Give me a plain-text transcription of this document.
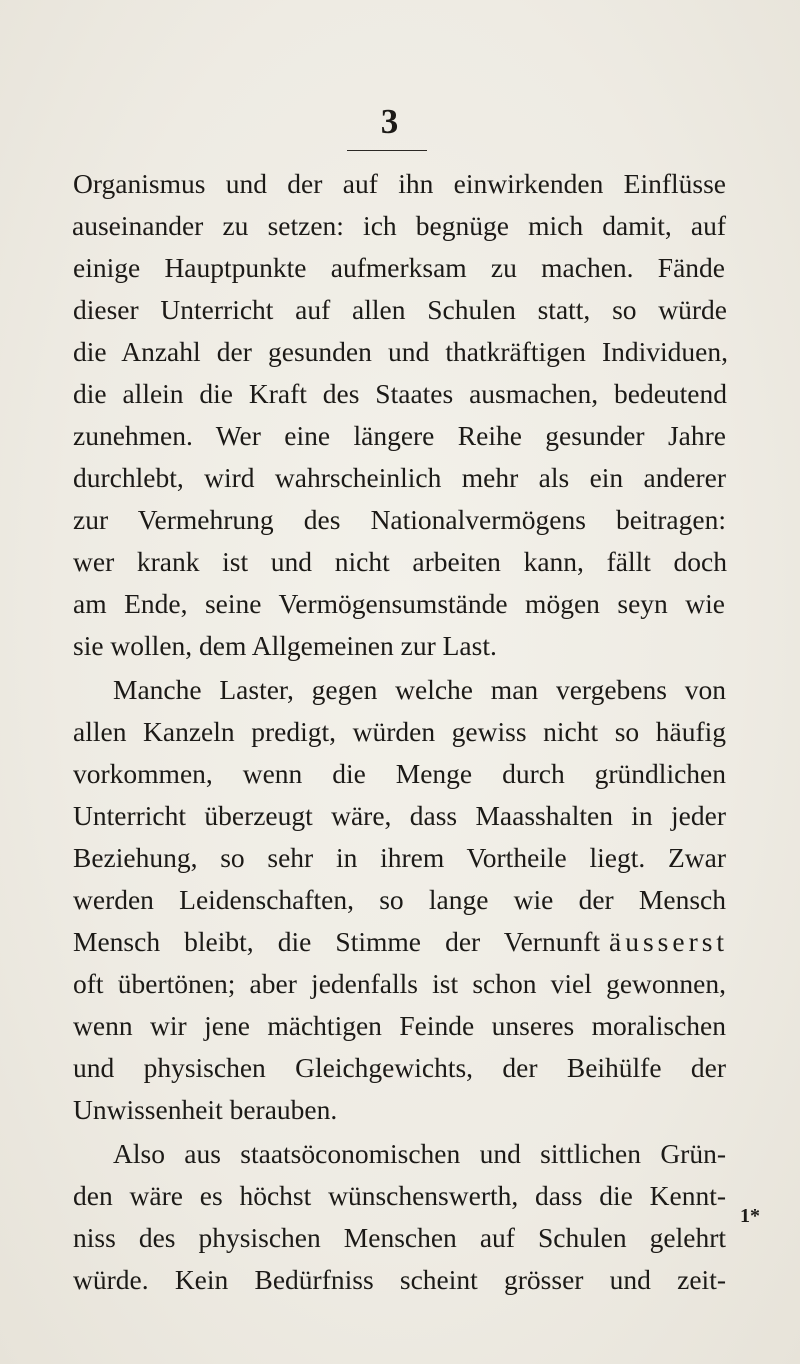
3
Organismus und der auf ihn einwirkenden Einflüsse
auseinander zu setzen: ich begnüge mich damit, auf
einige Hauptpunkte aufmerksam zu machen. Fände
dieser Unterricht auf allen Schulen statt, so würde
die Anzahl der gesunden und thatkräftigen Individuen,
die allein die Kraft des Staates ausmachen, bedeutend
zunehmen. Wer eine längere Reihe gesunder Jahre
durchlebt, wird wahrscheinlich mehr als ein anderer
zur Vermehrung des Nationalvermögens beitragen:
wer krank ist und nicht arbeiten kann, fällt doch
am Ende, seine Vermögensumstände mögen seyn wie
sie wollen, dem Allgemeinen zur Last.
Manche Laster, gegen welche man vergebens von
allen Kanzeln predigt, würden gewiss nicht so häufig
vorkommen, wenn die Menge durch gründlichen
Unterricht überzeugt wäre, dass Maasshalten in jeder
Beziehung, so sehr in ihrem Vortheile liegt. Zwar
werden Leidenschaften, so lange wie der Mensch
Mensch bleibt, die Stimme der Vernunft äusserst
oft übertönen; aber jedenfalls ist schon viel gewonnen,
wenn wir jene mächtigen Feinde unseres moralischen
und physischen Gleichgewichts, der Beihülfe der
Unwissenheit berauben.
Also aus staatsöconomischen und sittlichen Grün-
den wäre es höchst wünschenswerth, dass die Kennt-
niss des physischen Menschen auf Schulen gelehrt
würde. Kein Bedürfniss scheint grösser und zeit-
1*
